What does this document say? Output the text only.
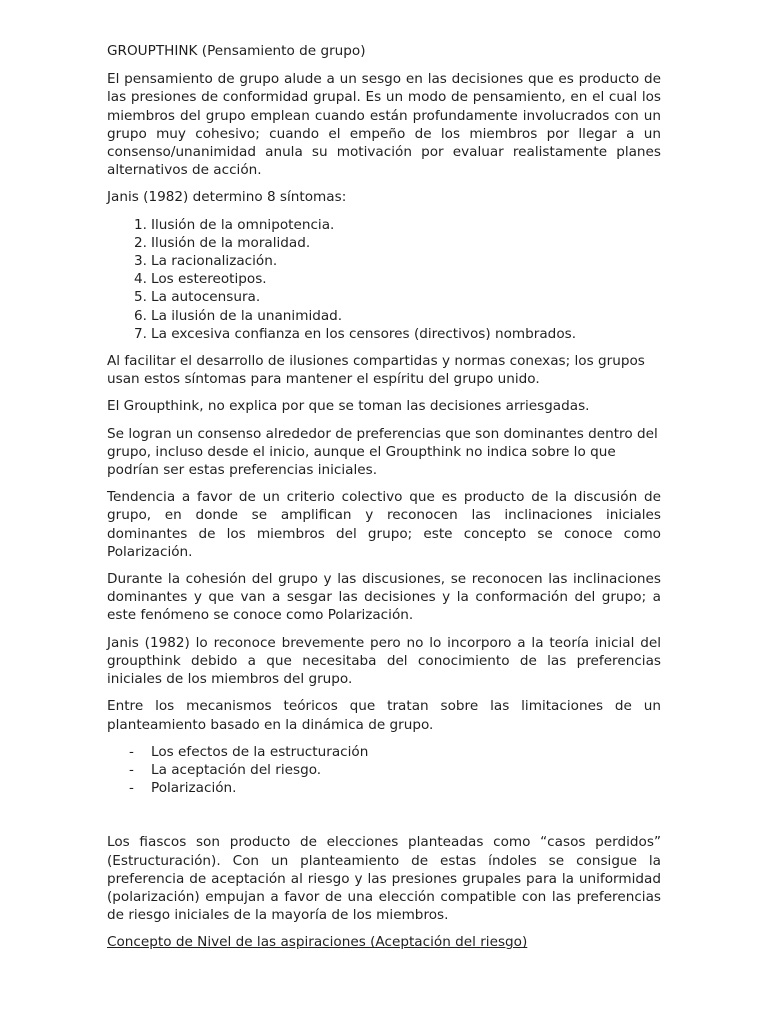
GROUPTHINK (Pensamiento de grupo)

El pensamiento de grupo alude a un sesgo en las decisiones que es producto de las presiones de conformidad grupal. Es un modo de pensamiento, en el cual los miembros del grupo emplean cuando están profundamente involucrados con un grupo muy cohesivo; cuando el empeño de los miembros por llegar a un consenso/unanimidad anula su motivación por evaluar realistamente planes alternativos de acción.

Janis (1982) determino 8 síntomas:

1. Ilusión de la omnipotencia.
2. Ilusión de la moralidad.
3. La racionalización.
4. Los estereotipos.
5. La autocensura.
6. La ilusión de la unanimidad.
7. La excesiva confianza en los censores (directivos) nombrados.

Al facilitar el desarrollo de ilusiones compartidas y normas conexas; los grupos usan estos síntomas para mantener el espíritu del grupo unido.

El Groupthink, no explica por que se toman las decisiones arriesgadas.

Se logran un consenso alrededor de preferencias que son dominantes dentro del grupo, incluso desde el inicio, aunque el Groupthink no indica sobre lo que podrían ser estas preferencias iniciales.

Tendencia a favor de un criterio colectivo que es producto de la discusión de grupo, en donde se amplifican y reconocen las inclinaciones iniciales dominantes de los miembros del grupo; este concepto se conoce como Polarización.

Durante la cohesión del grupo y las discusiones, se reconocen las inclinaciones dominantes y que van a sesgar las decisiones y la conformación del grupo; a este fenómeno se conoce como Polarización.

Janis (1982) lo reconoce brevemente pero no lo incorporo a la teoría inicial del groupthink debido a que necesitaba del conocimiento de las preferencias iniciales de los miembros del grupo.

Entre los mecanismos teóricos que tratan sobre las limitaciones de un planteamiento basado en la dinámica de grupo.

- Los efectos de la estructuración
- La aceptación del riesgo.
- Polarización.

Los fiascos son producto de elecciones planteadas como “casos perdidos” (Estructuración). Con un planteamiento de estas índoles se consigue la preferencia de aceptación al riesgo y las presiones grupales para la uniformidad (polarización) empujan a favor de una elección compatible con las preferencias de riesgo iniciales de la mayoría de los miembros.

Concepto de Nivel de las aspiraciones (Aceptación del riesgo)
